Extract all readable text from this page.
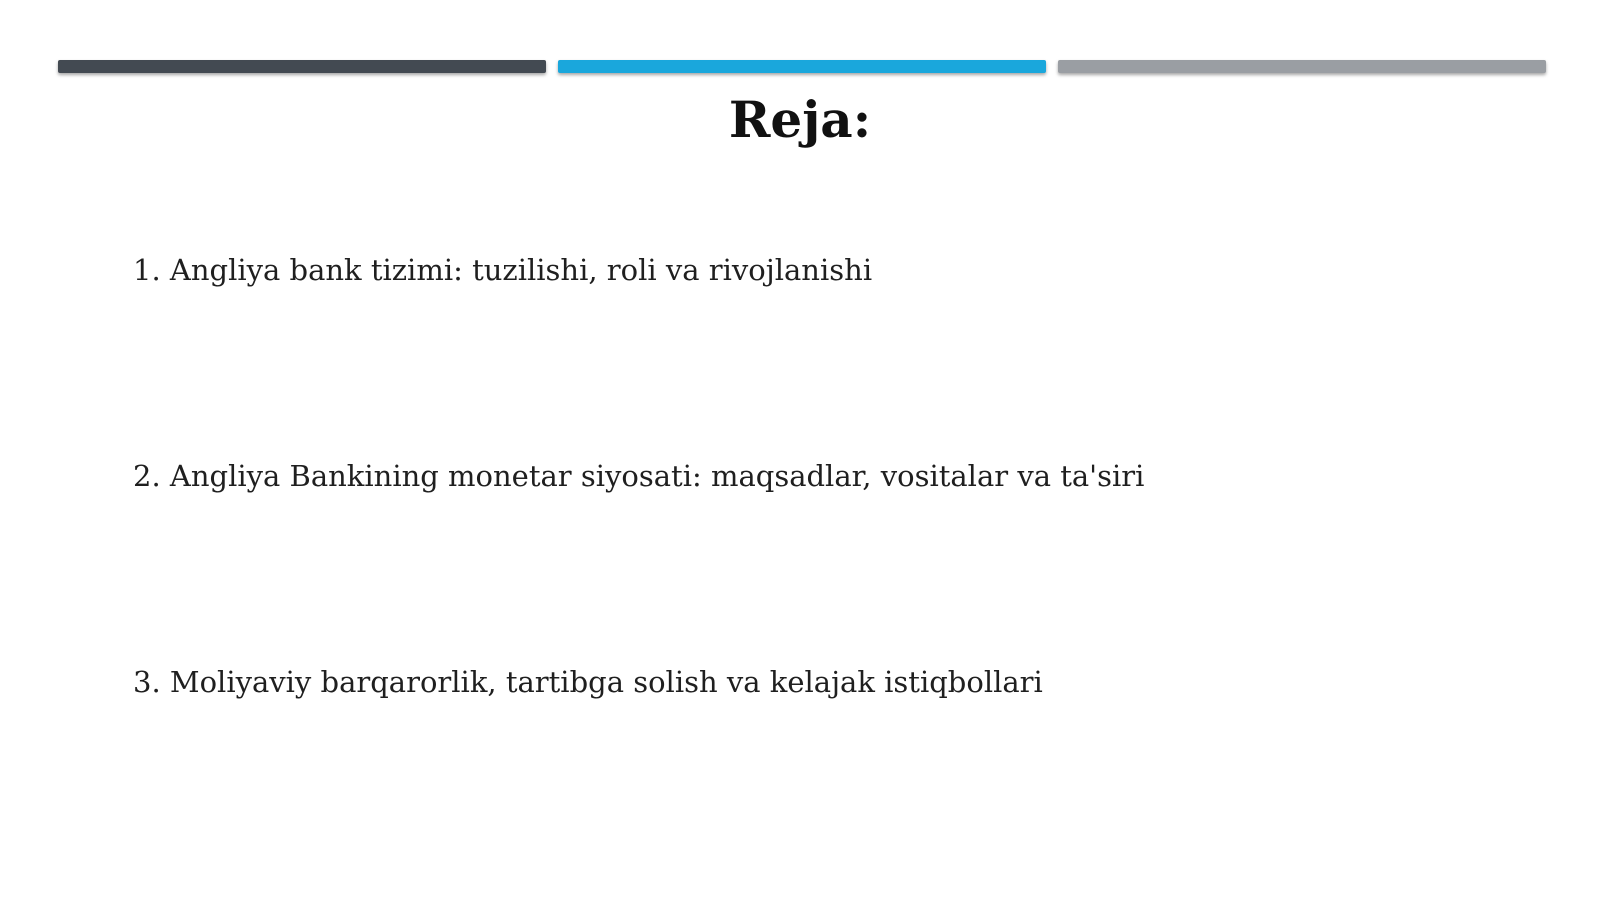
Reja:
1. Angliya bank tizimi: tuzilishi, roli va rivojlanishi
2. Angliya Bankining monetar siyosati: maqsadlar, vositalar va ta'siri
3. Moliyaviy barqarorlik, tartibga solish va kelajak istiqbollari
